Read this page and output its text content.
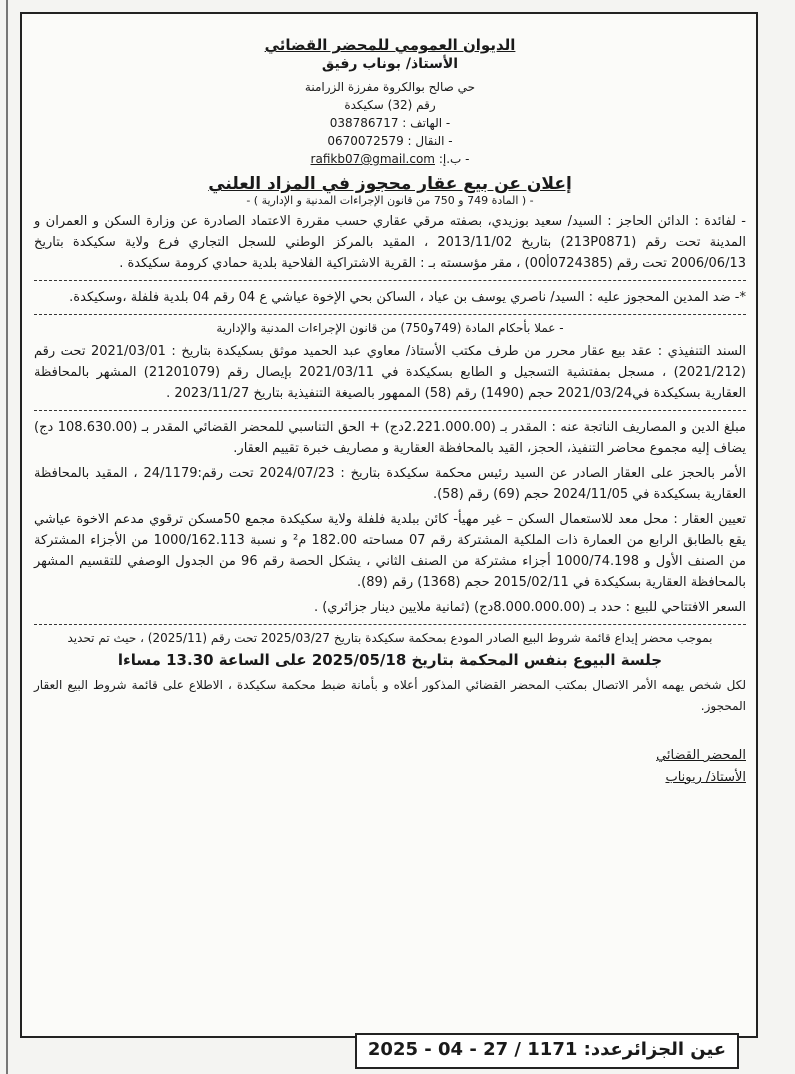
الديوان العمومي للمحضر القضائي
الأستاذ/ بوناب رفيق
حي صالح بوالكروة مفرزة الزرامنة
رقم (32) سكيكدة
- الهاتف : 038786717
- النقال : 0670072579
- ب.إ: rafikb07@gmail.com
إعلان عن بيع عقار محجوز في المزاد العلني
- ( المادة 749 و 750 من قانون الإجراءات المدنية و الإدارية ) -
- لفائدة : الدائن الحاجز : السيد/ سعيد بوزيدي، بصفته مرقي عقاري حسب مقررة الاعتماد الصادرة عن وزارة السكن و العمران و المدينة تحت رقم (213P0871) بتاريخ 2013/11/02 ، المقيد بالمركز الوطني للسجل التجاري فرع ولاية سكيكدة بتاريخ 2006/06/13 تحت رقم (0724385أ00) ، مقر مؤسسته بـ : القرية الاشتراكية الفلاحية بلدية حمادي كرومة سكيكدة .
*- ضد المدين المحجوز عليه : السيد/ ناصري يوسف بن عياد ، الساكن بحي الإخوة عياشي ع 04 رقم 04 بلدية فلفلة ،وسكيكدة.
- عملا بأحكام المادة (749و750) من قانون الإجراءات المدنية والإدارية
السند التنفيذي : عقد بيع عقار محرر من طرف مكتب الأستاذ/ معاوي عبد الحميد موثق بسكيكدة بتاريخ : 2021/03/01 تحت رقم (2021/212) ، مسجل بمفتشية التسجيل و الطابع بسكيكدة في 2021/03/11 بإيصال رقم (21201079) المشهر بالمحافظة العقارية بسكيكدة في2021/03/24 حجم (1490) رقم (58) الممهور بالصيغة التنفيذية بتاريخ 2023/11/27 .
مبلغ الدين و المصاريف الناتجة عنه : المقدر بـ (2.221.000.00دج) + الحق التناسبي للمحضر القضائي المقدر بـ (108.630.00 دج) يضاف إليه مجموع محاضر التنفيذ، الحجز، القيد بالمحافظة العقارية و مصاريف خبرة تقييم العقار.
الأمر بالحجز على العقار الصادر عن السيد رئيس محكمة سكيكدة بتاريخ : 2024/07/23 تحت رقم:24/1179 ، المقيد بالمحافظة العقارية بسكيكدة في 2024/11/05 حجم (69) رقم (58).
تعيين العقار : محل معد للاستعمال السكن – غير مهيأ- كائن ببلدية فلفلة ولاية سكيكدة مجمع 50مسكن ترقوي مدعم الاخوة عياشي يقع بالطابق الرابع من العمارة ذات الملكية المشتركة رقم 07 مساحته 182.00 م² و نسبة 1000/162.113 من الأجزاء المشتركة من الصنف الأول و 1000/74.198 أجزاء مشتركة من الصنف الثاني ، يشكل الحصة رقم 96 من الجدول الوصفي للتقسيم المشهر بالمحافظة العقارية بسكيكدة في 2015/02/11 حجم (1368) رقم (89).
السعر الافتتاحي للبيع : حدد بـ (8.000.000.00دج) (ثمانية ملايين دينار جزائري) .
بموجب محضر إيداع قائمة شروط البيع الصادر المودع بمحكمة سكيكدة بتاريخ 2025/03/27 تحت رقم (2025/11) ، حيث تم تحديد
جلسة البيوع بنفس المحكمة بتاريخ 2025/05/18 على الساعة 13.30 مساءا
لكل شخص يهمه الأمر الاتصال بمكتب المحضر القضائي المذكور أعلاه و بأمانة ضبط محكمة سكيكدة ، الاطلاع على قائمة شروط البيع العقار المحجوز.
المحضر القضائي
الأستاذ/ ريوناب
عين الجزائرعدد: 1171 / 27 - 04 - 2025
